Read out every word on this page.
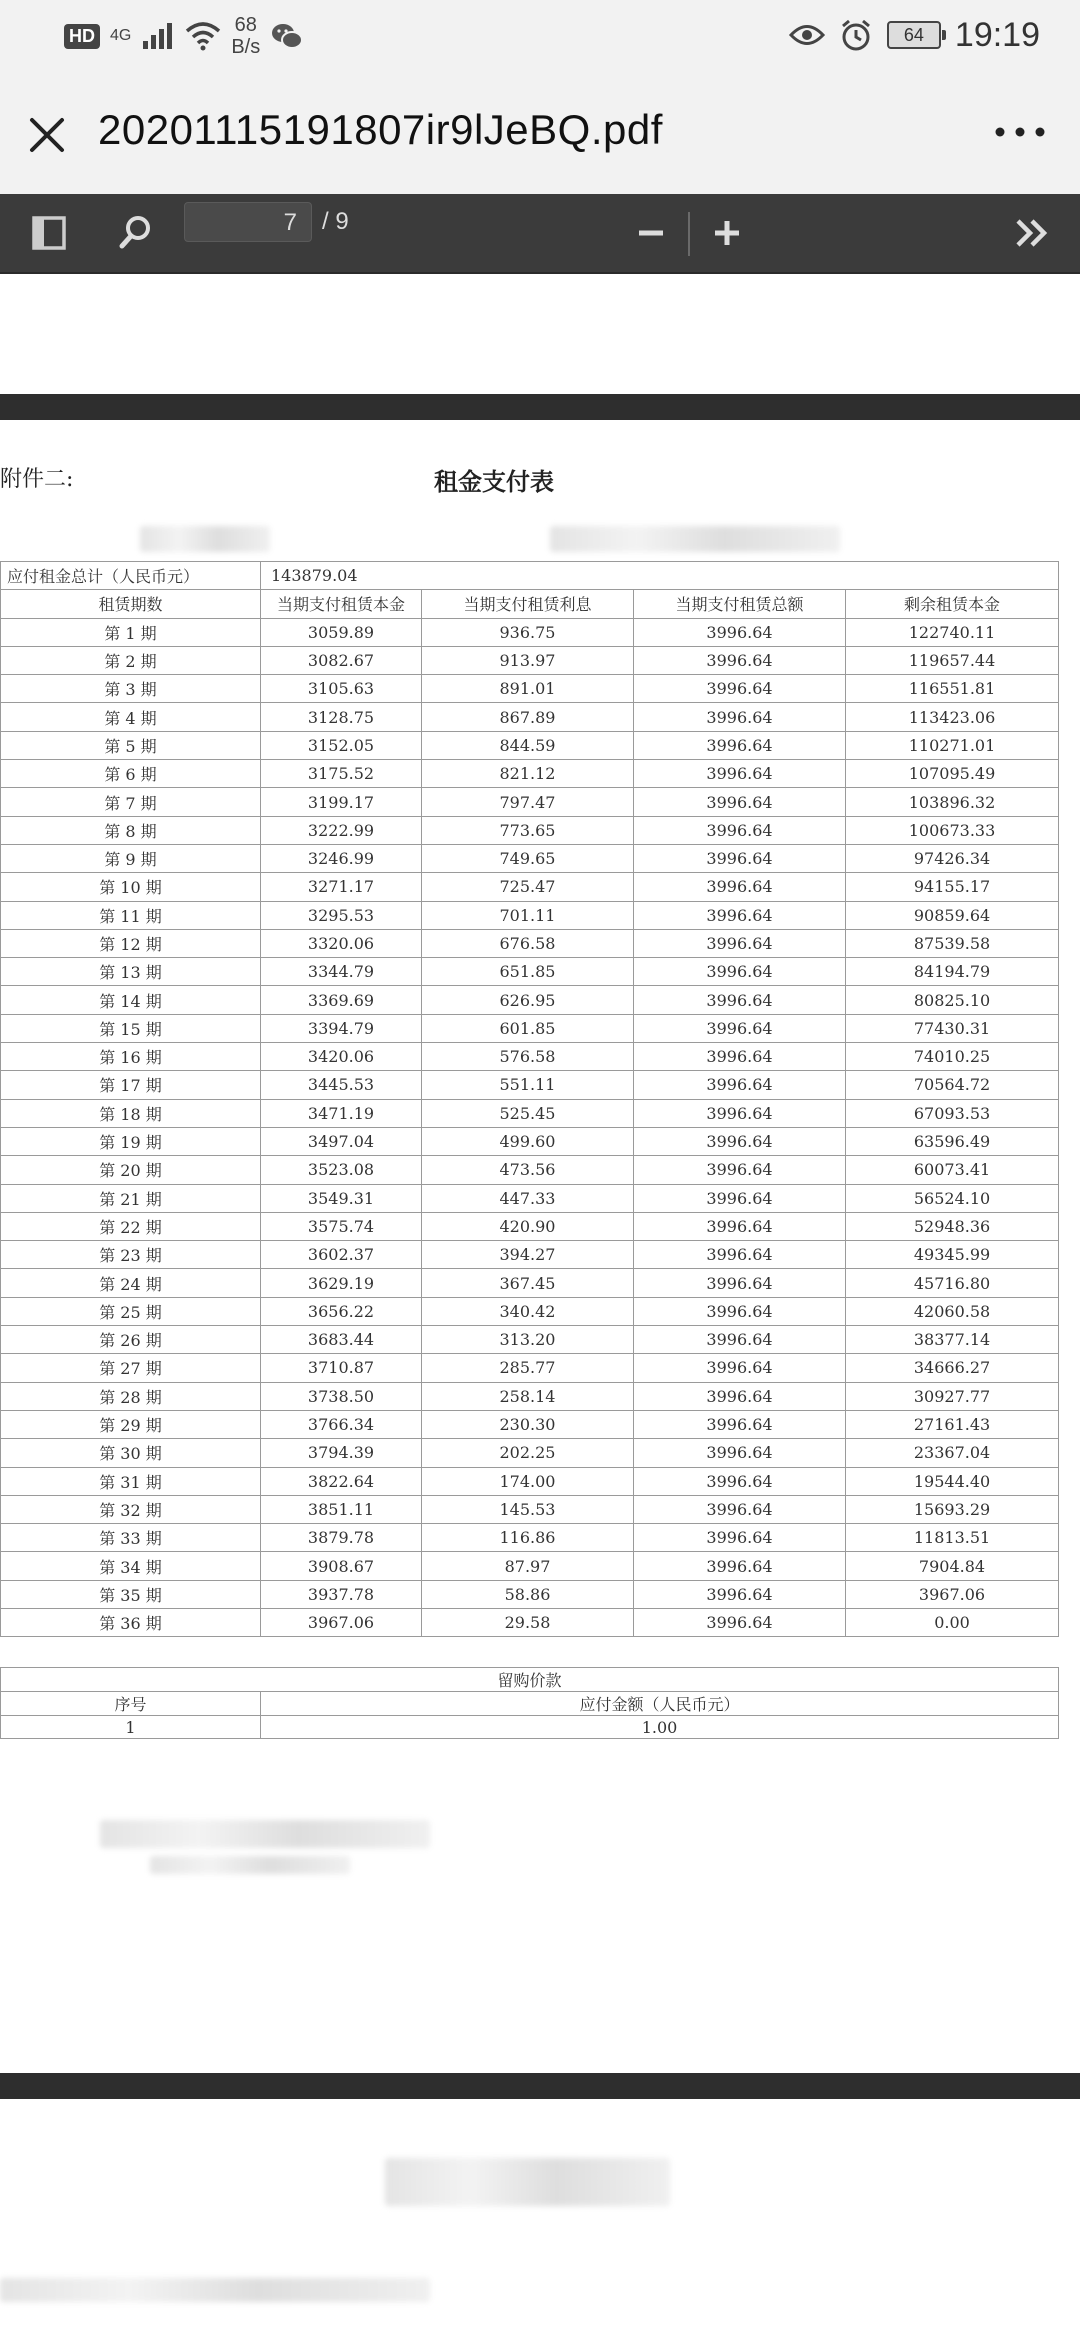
HD 4G	68
B/s
64 19:19
20201115191807ir9lJeBQ.pdf
7	/ 9
附件二:	租金支付表
应付租金总计（人民币元）	143879.04			
租赁期数	当期支付租赁本金	当期支付租赁利息	当期支付租赁总额	剩余租赁本金
第 1 期	3059.89	936.75	3996.64	122740.11
第 2 期	3082.67	913.97	3996.64	119657.44
第 3 期	3105.63	891.01	3996.64	116551.81
第 4 期	3128.75	867.89	3996.64	113423.06
第 5 期	3152.05	844.59	3996.64	110271.01
第 6 期	3175.52	821.12	3996.64	107095.49
第 7 期	3199.17	797.47	3996.64	103896.32
第 8 期	3222.99	773.65	3996.64	100673.33
第 9 期	3246.99	749.65	3996.64	97426.34
第 10 期	3271.17	725.47	3996.64	94155.17
第 11 期	3295.53	701.11	3996.64	90859.64
第 12 期	3320.06	676.58	3996.64	87539.58
第 13 期	3344.79	651.85	3996.64	84194.79
第 14 期	3369.69	626.95	3996.64	80825.10
第 15 期	3394.79	601.85	3996.64	77430.31
第 16 期	3420.06	576.58	3996.64	74010.25
第 17 期	3445.53	551.11	3996.64	70564.72
第 18 期	3471.19	525.45	3996.64	67093.53
第 19 期	3497.04	499.60	3996.64	63596.49
第 20 期	3523.08	473.56	3996.64	60073.41
第 21 期	3549.31	447.33	3996.64	56524.10
第 22 期	3575.74	420.90	3996.64	52948.36
第 23 期	3602.37	394.27	3996.64	49345.99
第 24 期	3629.19	367.45	3996.64	45716.80
第 25 期	3656.22	340.42	3996.64	42060.58
第 26 期	3683.44	313.20	3996.64	38377.14
第 27 期	3710.87	285.77	3996.64	34666.27
第 28 期	3738.50	258.14	3996.64	30927.77
第 29 期	3766.34	230.30	3996.64	27161.43
第 30 期	3794.39	202.25	3996.64	23367.04
第 31 期	3822.64	174.00	3996.64	19544.40
第 32 期	3851.11	145.53	3996.64	15693.29
第 33 期	3879.78	116.86	3996.64	11813.51
第 34 期	3908.67	87.97	3996.64	7904.84
第 35 期	3937.78	58.86	3996.64	3967.06
第 36 期	3967.06	29.58	3996.64	0.00
留购价款	
序号	应付金额（人民币元）
1	1.00
